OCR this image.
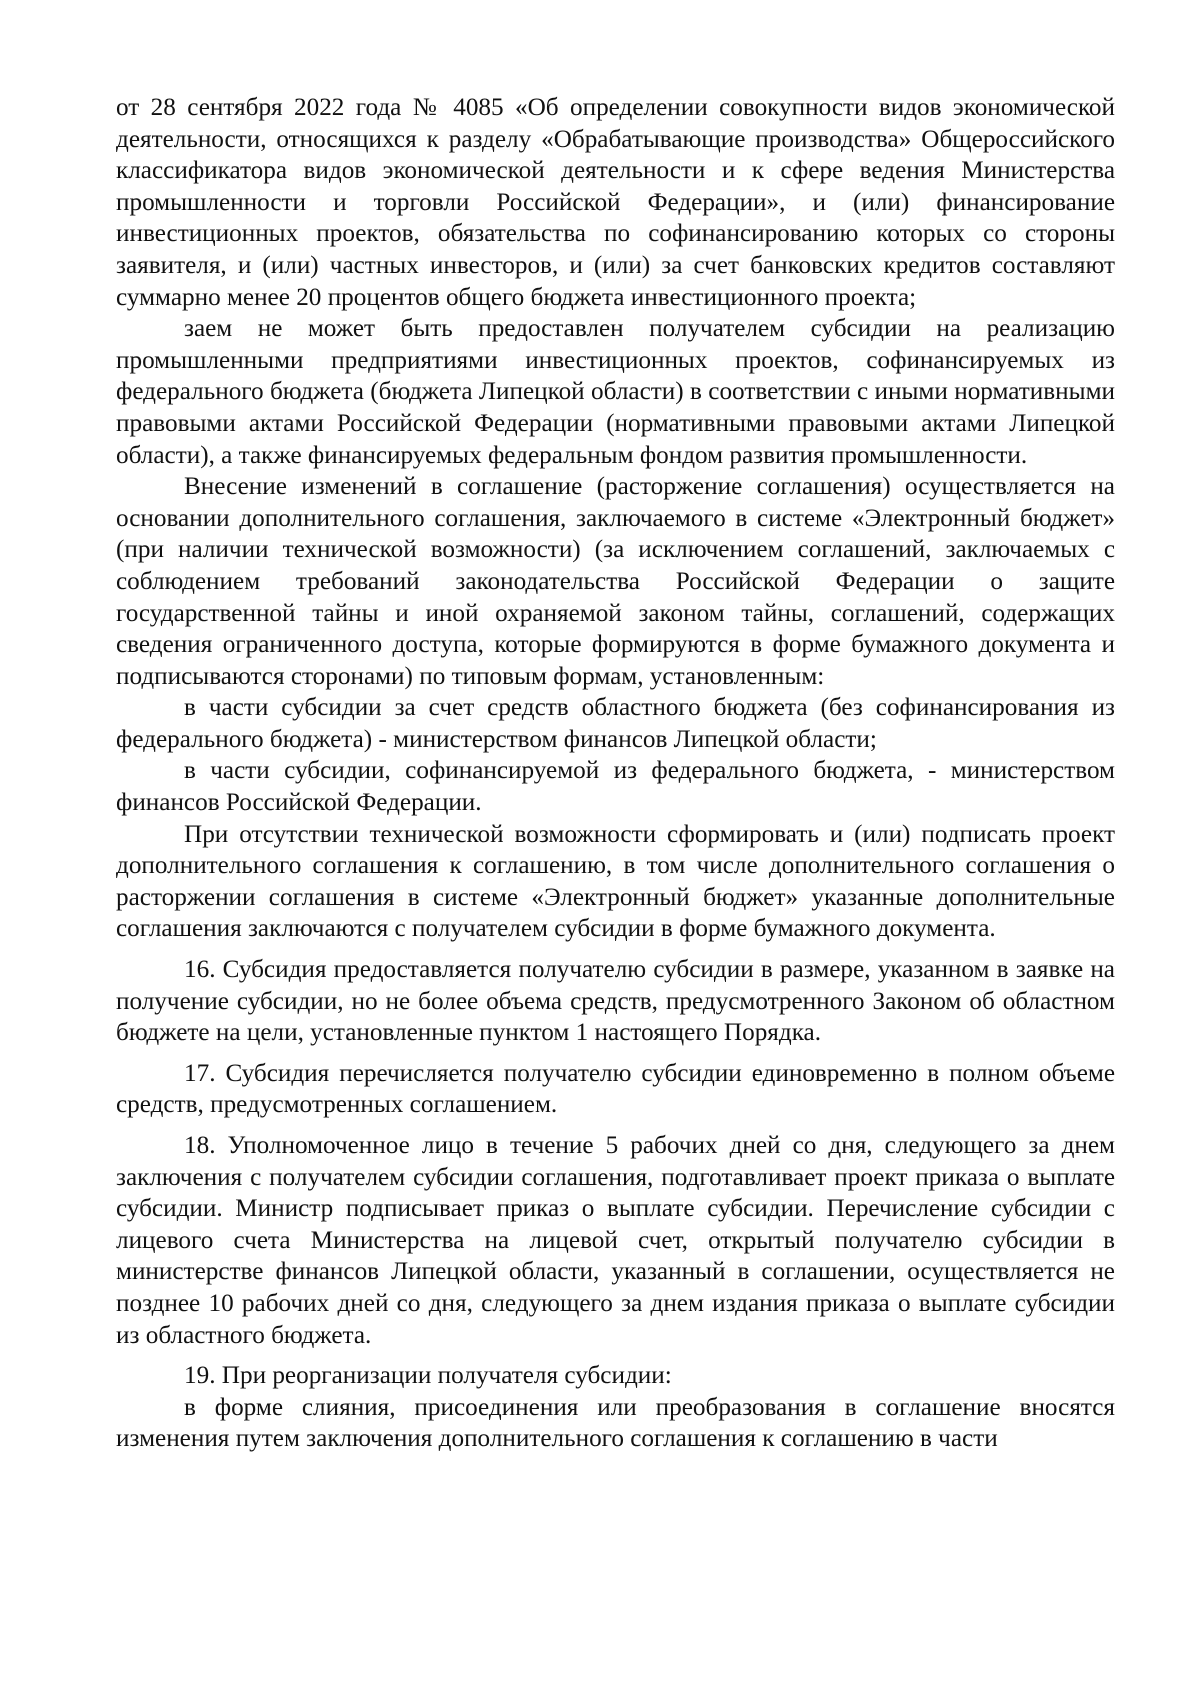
от 28 сентября 2022 года № 4085 «Об определении совокупности видов экономической деятельности, относящихся к разделу «Обрабатывающие производства» Общероссийского классификатора видов экономической деятельности и к сфере ведения Министерства промышленности и торговли Российской Федерации», и (или) финансирование инвестиционных проектов, обязательства по софинансированию которых со стороны заявителя, и (или) частных инвесторов, и (или) за счет банковских кредитов составляют суммарно менее 20 процентов общего бюджета инвестиционного проекта;

заем не может быть предоставлен получателем субсидии на реализацию промышленными предприятиями инвестиционных проектов, софинансируемых из федерального бюджета (бюджета Липецкой области) в соответствии с иными нормативными правовыми актами Российской Федерации (нормативными правовыми актами Липецкой области), а также финансируемых федеральным фондом развития промышленности.

Внесение изменений в соглашение (расторжение соглашения) осуществляется на основании дополнительного соглашения, заключаемого в системе «Электронный бюджет» (при наличии технической возможности) (за исключением соглашений, заключаемых с соблюдением требований законодательства Российской Федерации о защите государственной тайны и иной охраняемой законом тайны, соглашений, содержащих сведения ограниченного доступа, которые формируются в форме бумажного документа и подписываются сторонами) по типовым формам, установленным:

в части субсидии за счет средств областного бюджета (без софинансирования из федерального бюджета) - министерством финансов Липецкой области;

в части субсидии, софинансируемой из федерального бюджета, - министерством финансов Российской Федерации.

При отсутствии технической возможности сформировать и (или) подписать проект дополнительного соглашения к соглашению, в том числе дополнительного соглашения о расторжении соглашения в системе «Электронный бюджет» указанные дополнительные соглашения заключаются с получателем субсидии в форме бумажного документа.

16. Субсидия предоставляется получателю субсидии в размере, указанном в заявке на получение субсидии, но не более объема средств, предусмотренного Законом об областном бюджете на цели, установленные пунктом 1 настоящего Порядка.

17. Субсидия перечисляется получателю субсидии единовременно в полном объеме средств, предусмотренных соглашением.

18. Уполномоченное лицо в течение 5 рабочих дней со дня, следующего за днем заключения с получателем субсидии соглашения, подготавливает проект приказа о выплате субсидии. Министр подписывает приказ о выплате субсидии. Перечисление субсидии с лицевого счета Министерства на лицевой счет, открытый получателю субсидии в министерстве финансов Липецкой области, указанный в соглашении, осуществляется не позднее 10 рабочих дней со дня, следующего за днем издания приказа о выплате субсидии из областного бюджета.

19. При реорганизации получателя субсидии:

в форме слияния, присоединения или преобразования в соглашение вносятся изменения путем заключения дополнительного соглашения к соглашению в части
